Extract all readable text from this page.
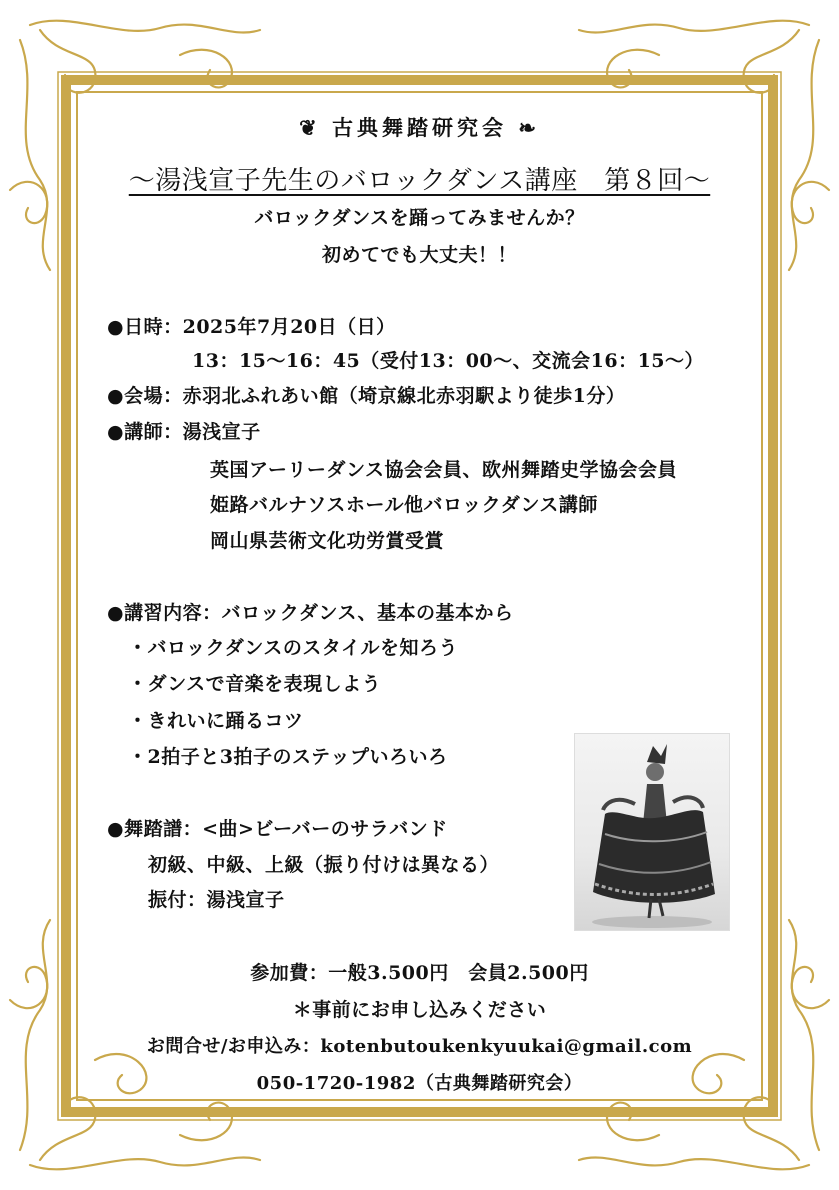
❦ 古典舞踏研究会 ❧
～湯浅宣子先生のバロックダンス講座　第８回～
バロックダンスを踊ってみませんか？
初めてでも大丈夫！！
●日時：2025年7月20日（日）
13：15～16：45（受付13：00～、交流会16：15～）
●会場：赤羽北ふれあい館（埼京線北赤羽駅より徒歩1分）
●講師：湯浅宣子
英国アーリーダンス協会会員、欧州舞踏史学協会会員
姫路バルナソスホール他バロックダンス講師
岡山県芸術文化功労賞受賞
●講習内容：バロックダンス、基本の基本から
・バロックダンスのスタイルを知ろう
・ダンスで音楽を表現しよう
・きれいに踊るコツ
・2拍子と3拍子のステップいろいろ
●舞踏譜：<曲>ビーバーのサラバンド
初級、中級、上級（振り付けは異なる）
振付：湯浅宣子
参加費：一般3.500円　会員2.500円
＊事前にお申し込みください
お問合せ/お申込み：kotenbutoukenkyuukai@gmail.com
050-1720-1982（古典舞踏研究会）
